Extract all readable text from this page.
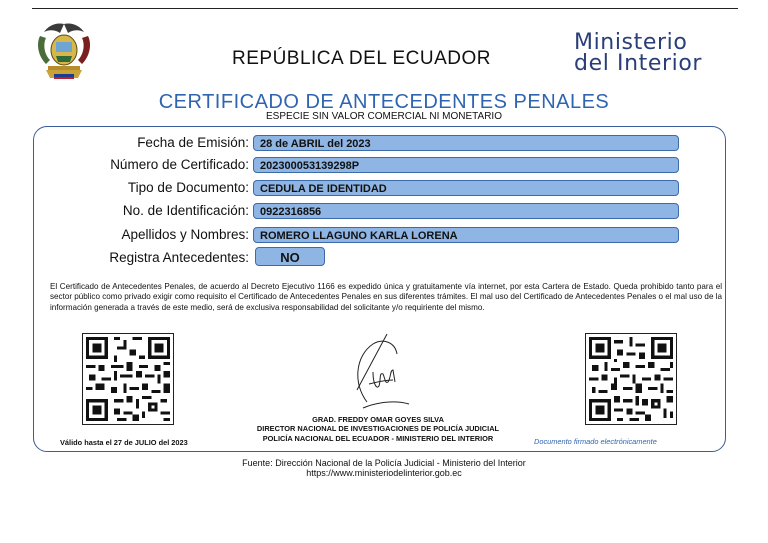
REPÚBLICA DEL ECUADOR
Ministerio
del Interior
CERTIFICADO DE ANTECEDENTES PENALES
ESPECIE SIN VALOR COMERCIAL NI MONETARIO
Fecha de Emisión:	28 de ABRIL del 2023
Número de Certificado:	202300053139298P
Tipo de Documento:	CEDULA DE IDENTIDAD
No. de Identificación:	0922316856
Apellidos y Nombres:	ROMERO LLAGUNO KARLA LORENA
Registra Antecedentes:	NO
El Certificado de Antecedentes Penales, de acuerdo al Decreto Ejecutivo 1166 es expedido única y gratuitamente vía internet, por esta Cartera de Estado. Queda prohibido tanto para el sector público como privado exigir como requisito el Certificado de Antecedentes Penales en sus diferentes trámites. El mal uso del Certificado de Antecedentes Penales o el mal uso de la información generada a través de este medio, será de exclusiva responsabilidad del solicitante y/o requiriente del mismo.
Válido hasta el 27 de JULIO del 2023
GRAD. FREDDY OMAR GOYES SILVA
DIRECTOR NACIONAL DE INVESTIGACIONES DE POLICÍA JUDICIAL
POLICÍA NACIONAL DEL ECUADOR - MINISTERIO DEL INTERIOR	Documento firmado electrónicamente
Fuente: Dirección Nacional de la Policía Judicial - Ministerio del Interior
https://www.ministeriodelinterior.gob.ec
